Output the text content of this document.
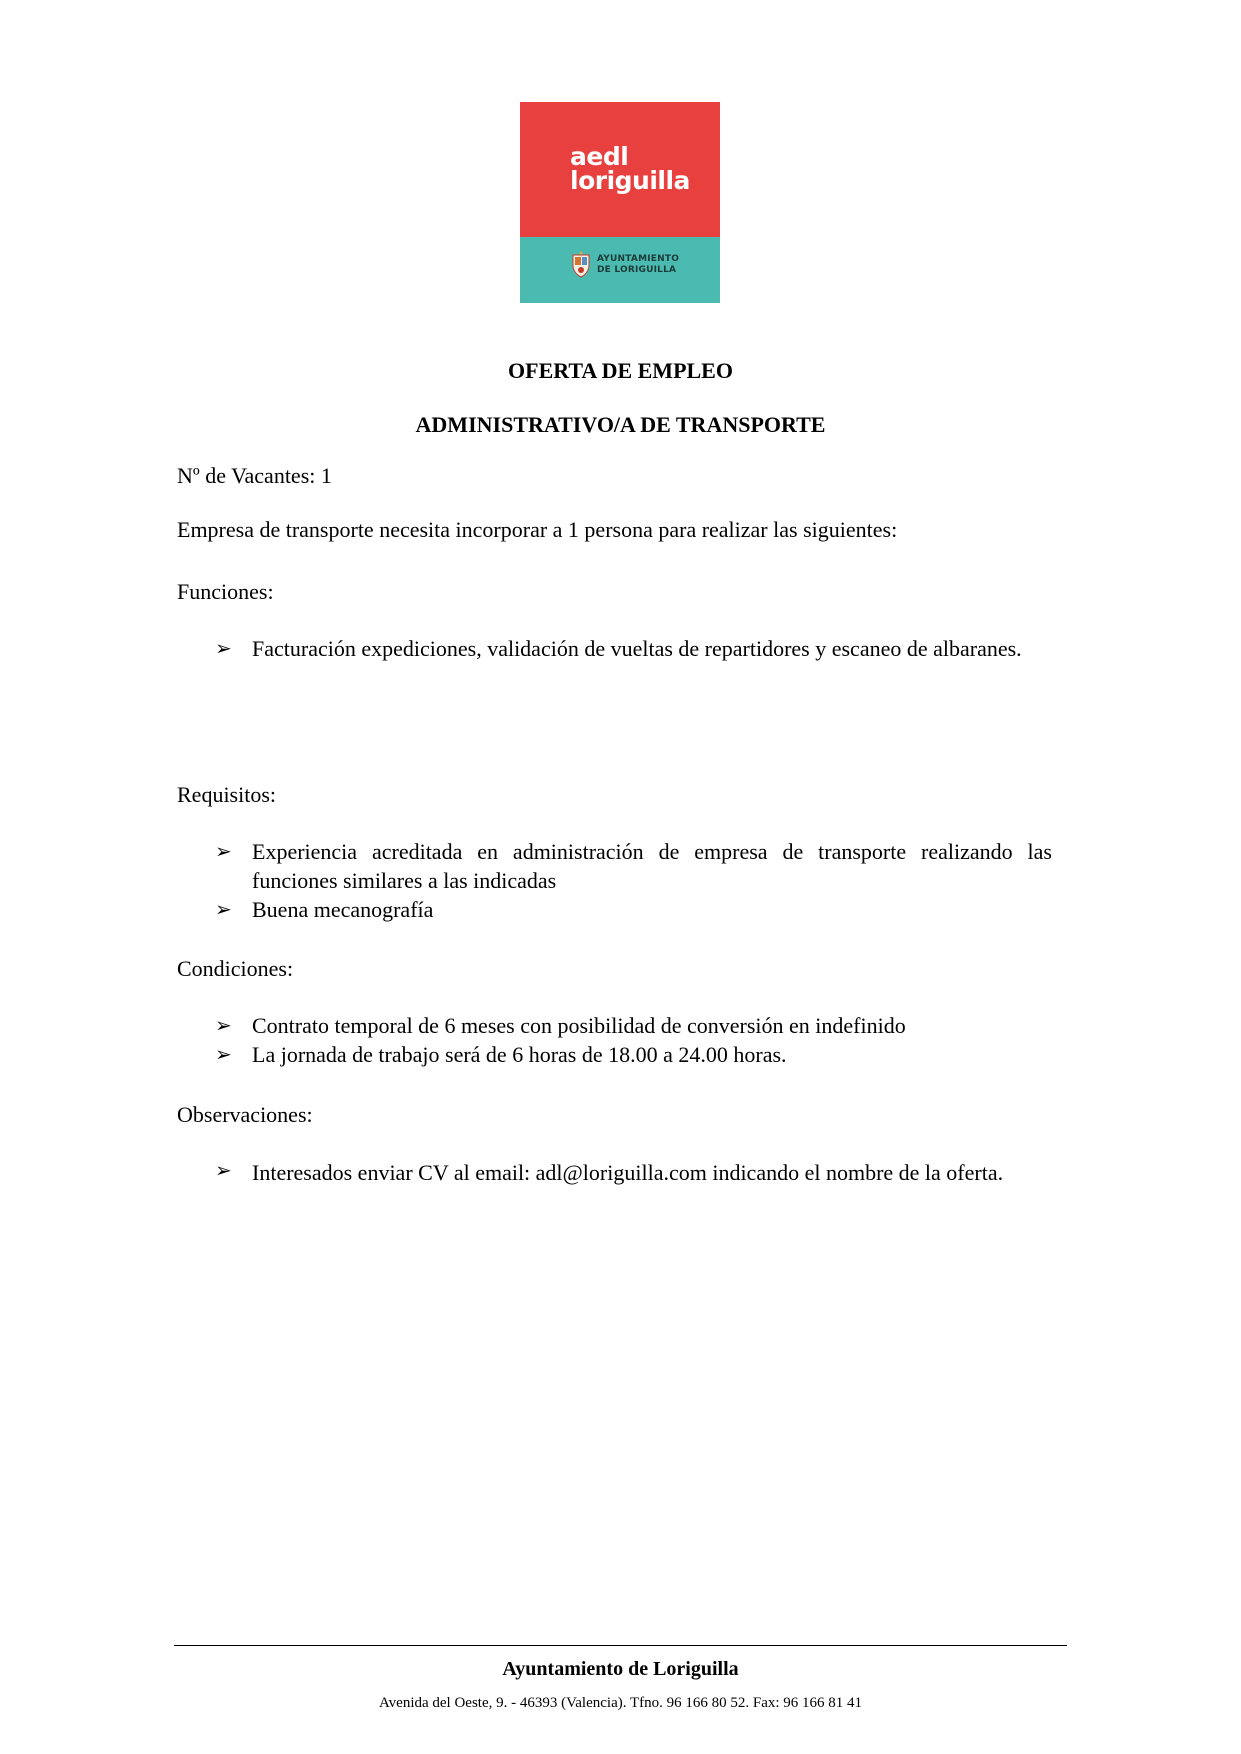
aedl
loriguilla
AYUNTAMIENTO
DE LORIGUILLA
OFERTA DE EMPLEO
ADMINISTRATIVO/A DE TRANSPORTE

Nº de Vacantes: 1

Empresa de transporte necesita incorporar a 1 persona para realizar las siguientes:

Funciones:

➢ Facturación expediciones, validación de vueltas de repartidores y escaneo de albaranes.

Requisitos:

➢ Experiencia acreditada en administración de empresa de transporte realizando las funciones similares a las indicadas

➢ Buena mecanografía

Condiciones:

➢ Contrato temporal de 6 meses con posibilidad de conversión en indefinido

➢ La jornada de trabajo será de 6 horas de 18.00 a 24.00 horas.

Observaciones:

➢ Interesados enviar CV al email: adl@loriguilla.com indicando el nombre de la oferta.

Ayuntamiento de Loriguilla

Avenida del Oeste, 9. - 46393 (Valencia). Tfno. 96 166 80 52. Fax: 96 166 81 41
